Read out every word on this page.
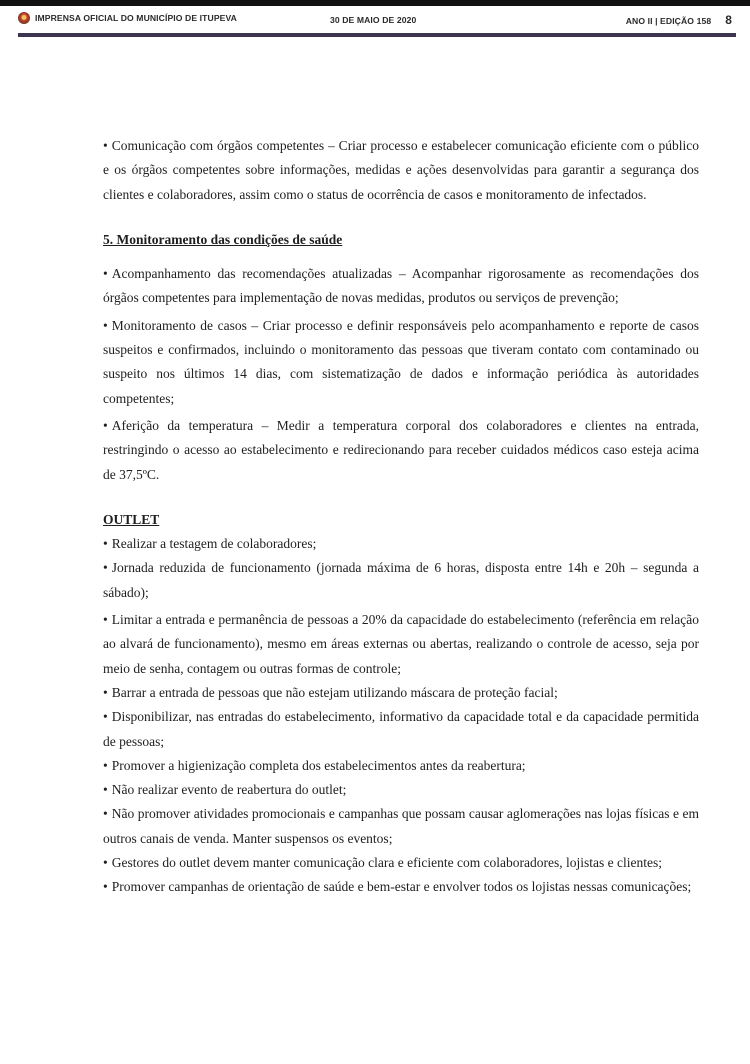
IMPRENSA OFICIAL DO MUNICÍPIO DE ITUPEVA	30 DE MAIO DE 2020	ANO II | EDIÇÃO 158 8

• Comunicação com órgãos competentes – Criar processo e estabelecer comunicação eficiente com o público e os órgãos competentes sobre informações, medidas e ações desenvolvidas para garantir a segurança dos clientes e colaboradores, assim como o status de ocorrência de casos e monitoramento de infectados.

5. Monitoramento das condições de saúde

• Acompanhamento das recomendações atualizadas – Acompanhar rigorosamente as recomendações dos órgãos competentes para implementação de novas medidas, produtos ou serviços de prevenção;

• Monitoramento de casos – Criar processo e definir responsáveis pelo acompanhamento e reporte de casos suspeitos e confirmados, incluindo o monitoramento das pessoas que tiveram contato com contaminado ou suspeito nos últimos 14 dias, com sistematização de dados e informação periódica às autoridades competentes;

• Aferição da temperatura – Medir a temperatura corporal dos colaboradores e clientes na entrada, restringindo o acesso ao estabelecimento e redirecionando para receber cuidados médicos caso esteja acima de 37,5ºC.

OUTLET

• Realizar a testagem de colaboradores;

• Jornada reduzida de funcionamento (jornada máxima de 6 horas, disposta entre 14h e 20h – segunda a sábado);

• Limitar a entrada e permanência de pessoas a 20% da capacidade do estabelecimento (referência em relação ao alvará de funcionamento), mesmo em áreas externas ou abertas, realizando o controle de acesso, seja por meio de senha, contagem ou outras formas de controle;

• Barrar a entrada de pessoas que não estejam utilizando máscara de proteção facial;

• Disponibilizar, nas entradas do estabelecimento, informativo da capacidade total e da capacidade permitida de pessoas;

• Promover a higienização completa dos estabelecimentos antes da reabertura;

• Não realizar evento de reabertura do outlet;

• Não promover atividades promocionais e campanhas que possam causar aglomerações nas lojas físicas e em outros canais de venda. Manter suspensos os eventos;

• Gestores do outlet devem manter comunicação clara e eficiente com colaboradores, lojistas e clientes;

• Promover campanhas de orientação de saúde e bem-estar e envolver todos os lojistas nessas comunicações;
